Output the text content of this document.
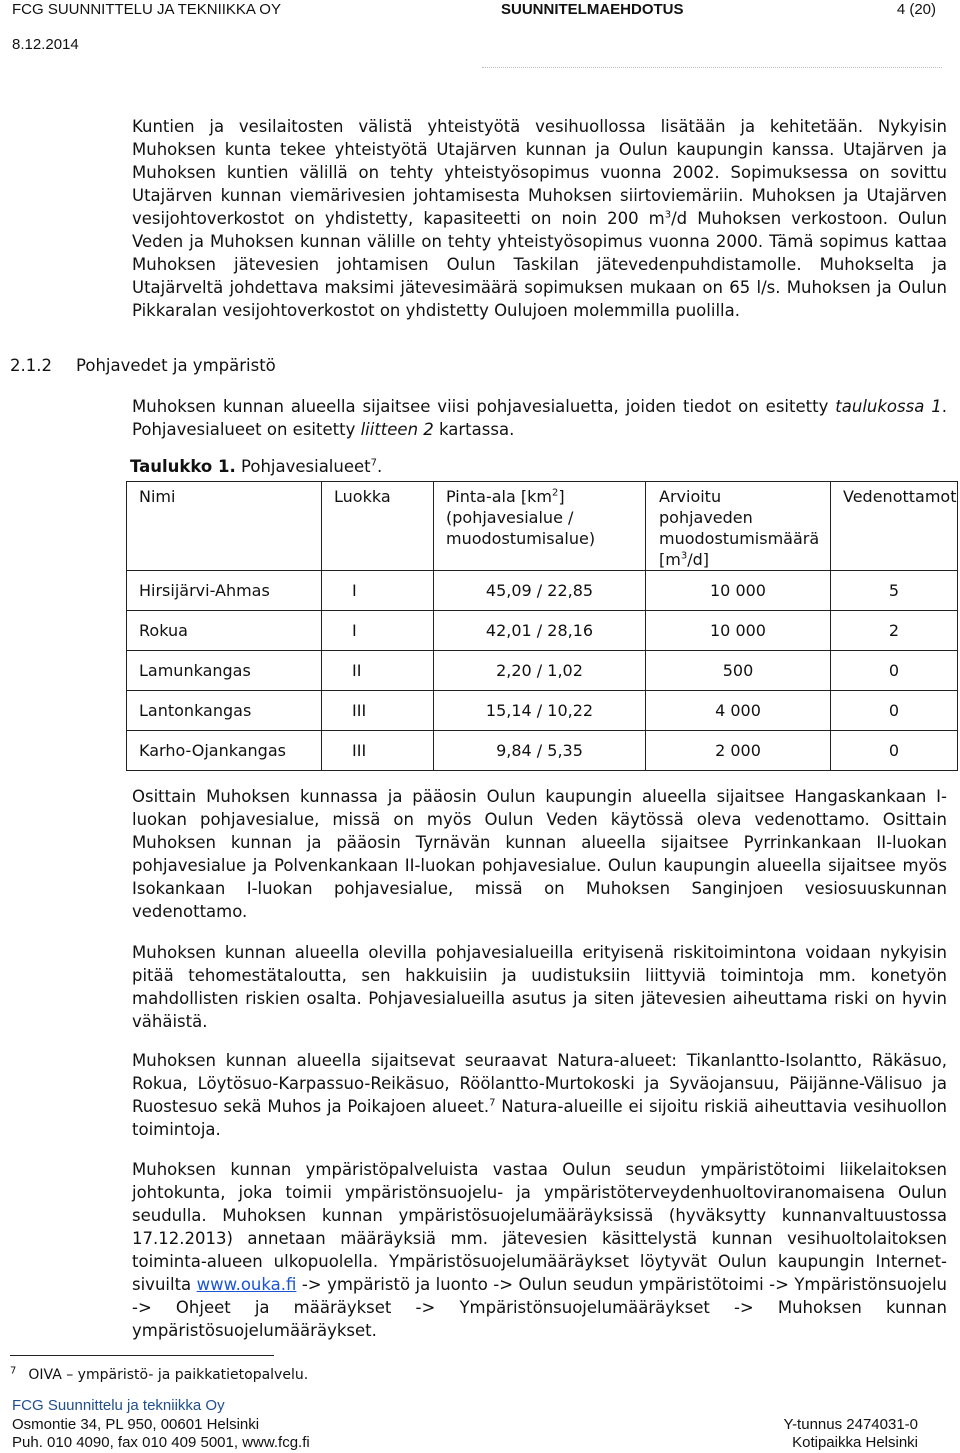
FCG SUUNNITTELU JA TEKNIIKKA OY	SUUNNITELMAEHDOTUS	4 (20)
8.12.2014

Kuntien ja vesilaitosten välistä yhteistyötä vesihuollossa lisätään ja kehitetään. Nykyisin Muhoksen kunta tekee yhteistyötä Utajärven kunnan ja Oulun kaupungin kanssa. Utajärven ja Muhoksen kuntien välillä on tehty yhteistyösopimus vuonna 2002. Sopimuksessa on sovittu Utajärven kunnan viemärivesien johtamisesta Muhoksen siirtoviemäriin. Muhoksen ja Utajärven vesijohtoverkostot on yhdistetty, kapasiteetti on noin 200 $m^3/d$ Muhoksen verkostoon. Oulun Veden ja Muhoksen kunnan välille on tehty yhteistyösopimus vuonna 2000. Tämä sopimus kattaa Muhoksen jätevesien johtamisen Oulun Taskilan jätevedenpuhdistamolle. Muhokselta ja Utajärveltä johdettava maksimi jätevesimäärä sopimuksen mukaan on 65 l/s. Muhoksen ja Oulun Pikkaralan vesijohtoverkostot on yhdistetty Oulujoen molemmilla puolilla.

2.1.2 Pohjavedet ja ympäristö

Muhoksen kunnan alueella sijaitsee viisi pohjavesialuetta, joiden tiedot on esitetty taulukossa 1. Pohjavesialueet on esitetty liitteen 2 kartassa.

Taulukko 1. Pohjavesialueet$^7$.

Nimi	Luokka	Pinta-ala $[km^2]$ (pohjavesialue / muodostumisalue)	Arvioitu pohjaveden muodostumismäärä $[m^3/d]$	Vedenottamot
Hirsijärvi-Ahmas	I	45,09 / 22,85	10 000	5
Rokua	I	42,01 / 28,16	10 000	2
Lamunkangas	II	2,20 / 1,02	500	0
Lantonkangas	III	15,14 / 10,22	4 000	0
Karho-Ojankangas	III	9,84 / 5,35	2 000	0

Osittain Muhoksen kunnassa ja pääosin Oulun kaupungin alueella sijaitsee Hangaskankaan I-luokan pohjavesialue, missä on myös Oulun Veden käytössä oleva vedenottamo. Osittain Muhoksen kunnan ja pääosin Tyrnävän kunnan alueella sijaitsee Pyrrinkankaan II-luokan pohjavesialue ja Polvenkankaan II-luokan pohjavesialue. Oulun kaupungin alueella sijaitsee myös Isokankaan I-luokan pohjavesialue, missä on Muhoksen Sanginjoen vesiosuuskunnan vedenottamo.

Muhoksen kunnan alueella olevilla pohjavesialueilla erityisenä riskitoimintona voidaan nykyisin pitää tehomestätaloutta, sen hakkuisiin ja uudistuksiin liittyviä toimintoja mm. konetyön mahdollisten riskien osalta. Pohjavesialueilla asutus ja siten jätevesien aiheuttama riski on hyvin vähäistä.

Muhoksen kunnan alueella sijaitsevat seuraavat Natura-alueet: Tikanlantto-Isolantto, Räkäsuo, Rokua, Löytösuo-Karpassuo-Reikäsuo, Röölantto-Murtokoski ja Syväojansuu, Päijänne-Välisuo ja Ruostesuo sekä Muhos ja Poikajoen alueet.$^7$ Natura-alueille ei sijoitu riskiä aiheuttavia vesihuollon toimintoja.

Muhoksen kunnan ympäristöpalveluista vastaa Oulun seudun ympäristötoimi liikelaitoksen johtokunta, joka toimii ympäristönsuojelu- ja ympäristöterveydenhuoltoviranomaisena Oulun seudulla. Muhoksen kunnan ympäristösuojelumääräyksissä (hyväksytty kunnanvaltuustossa 17.12.2013) annetaan määräyksiä mm. jätevesien käsittelystä kunnan vesihuoltolaitoksen toiminta-alueen ulkopuolella. Ympäristösuojelumääräykset löytyvät Oulun kaupungin Internet-sivuilta www.ouka.fi -> ympäristö ja luonto -> Oulun seudun ympäristötoimi -> Ympäristönsuojelu -> Ohjeet ja määräykset -> Ympäristönsuojelumääräykset -> Muhoksen kunnan ympäristösuojelumääräykset.

$^7$ OIVA – ympäristö- ja paikkatietopalvelu.

FCG Suunnittelu ja tekniikka Oy
Osmontie 34, PL 950, 00601 Helsinki
Puh. 010 4090, fax 010 409 5001, www.fcg.fi
Y-tunnus 2474031-0
Kotipaikka Helsinki
